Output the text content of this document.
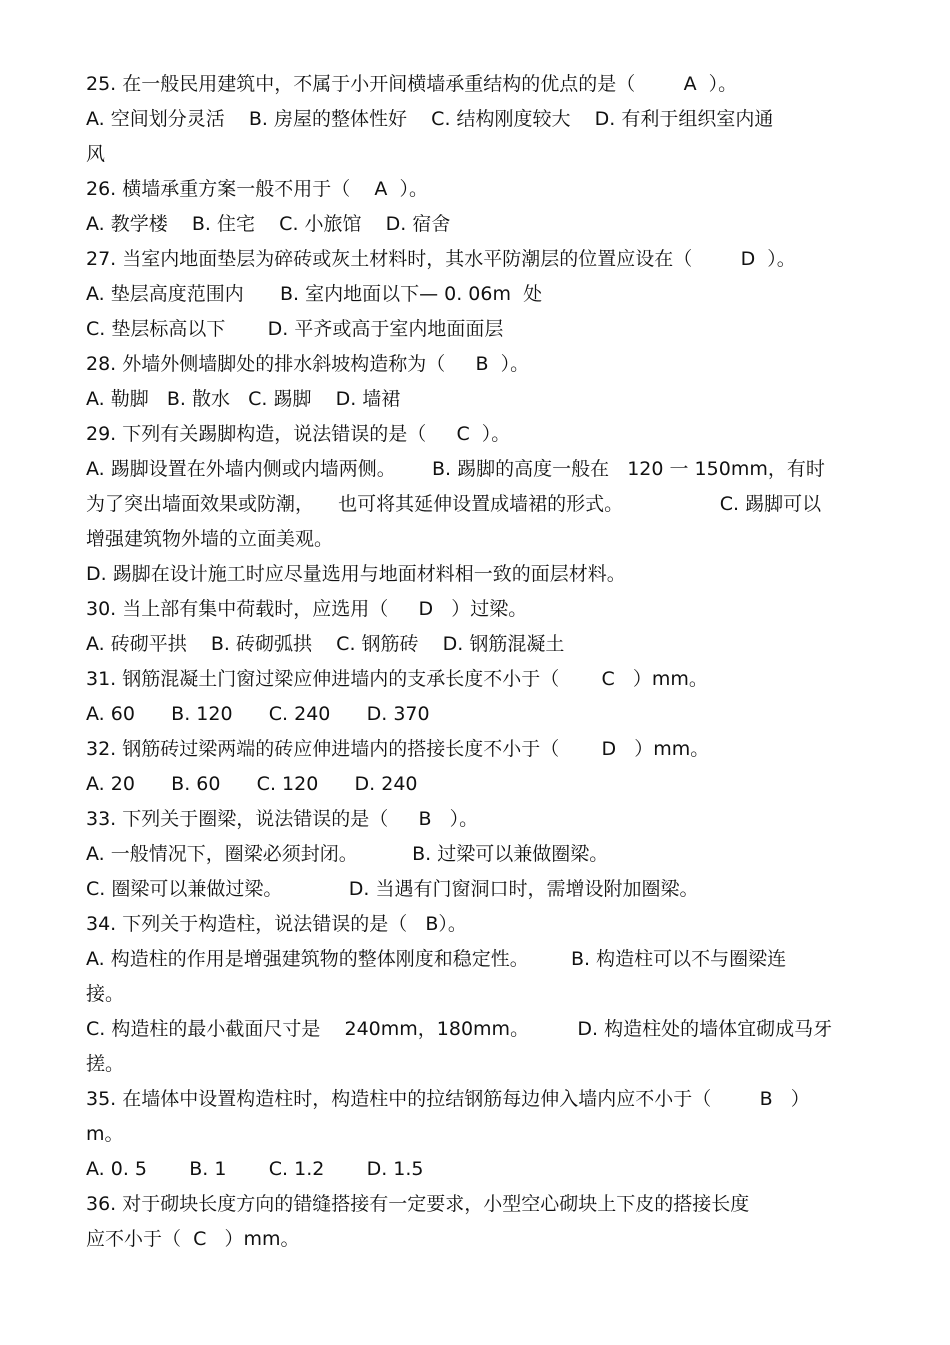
25. 在一般民用建筑中，不属于小开间横墙承重结构的优点的是（        A  ）。
A. 空间划分灵活    B. 房屋的整体性好    C. 结构刚度较大    D. 有利于组织室内通
风
26. 横墙承重方案一般不用于（    A  ）。
A. 教学楼    B. 住宅    C. 小旅馆    D. 宿舍
27. 当室内地面垫层为碎砖或灰土材料时，其水平防潮层的位置应设在（        D  ）。
A. 垫层高度范围内      B. 室内地面以下— 0. 06m  处
C. 垫层标高以下       D. 平齐或高于室内地面面层
28. 外墙外侧墙脚处的排水斜坡构造称为（     B  ）。
A. 勒脚   B. 散水   C. 踢脚    D. 墙裙
29. 下列有关踢脚构造，说法错误的是（     C  ）。
A. 踢脚设置在外墙内侧或内墙两侧。      B. 踢脚的高度一般在   120 一 150mm，有时
为了突出墙面效果或防潮，    也可将其延伸设置成墙裙的形式。                C. 踢脚可以
增强建筑物外墙的立面美观。
D. 踢脚在设计施工时应尽量选用与地面材料相一致的面层材料。
30. 当上部有集中荷载时，应选用（     D   ）过梁。
A. 砖砌平拱    B. 砖砌弧拱    C. 钢筋砖    D. 钢筋混凝土
31. 钢筋混凝土门窗过梁应伸进墙内的支承长度不小于（       C   ）mm。
A. 60      B. 120      C. 240      D. 370
32. 钢筋砖过梁两端的砖应伸进墙内的搭接长度不小于（       D   ）mm。
A. 20      B. 60      C. 120      D. 240
33. 下列关于圈梁，说法错误的是（     B   ）。
A. 一般情况下，圈梁必须封闭。         B. 过梁可以兼做圈梁。
C. 圈梁可以兼做过梁。           D. 当遇有门窗洞口时，需增设附加圈梁。
34. 下列关于构造柱，说法错误的是（   B）。
A. 构造柱的作用是增强建筑物的整体刚度和稳定性。       B. 构造柱可以不与圈梁连
接。
C. 构造柱的最小截面尺寸是    240mm，180mm。        D. 构造柱处的墙体宜砌成马牙
搓。
35. 在墙体中设置构造柱时，构造柱中的拉结钢筋每边伸入墙内应不小于（        B   ）
m。
A. 0. 5       B. 1       C. 1.2       D. 1.5
36. 对于砌块长度方向的错缝搭接有一定要求，小型空心砌块上下皮的搭接长度
应不小于（  C   ）mm。
